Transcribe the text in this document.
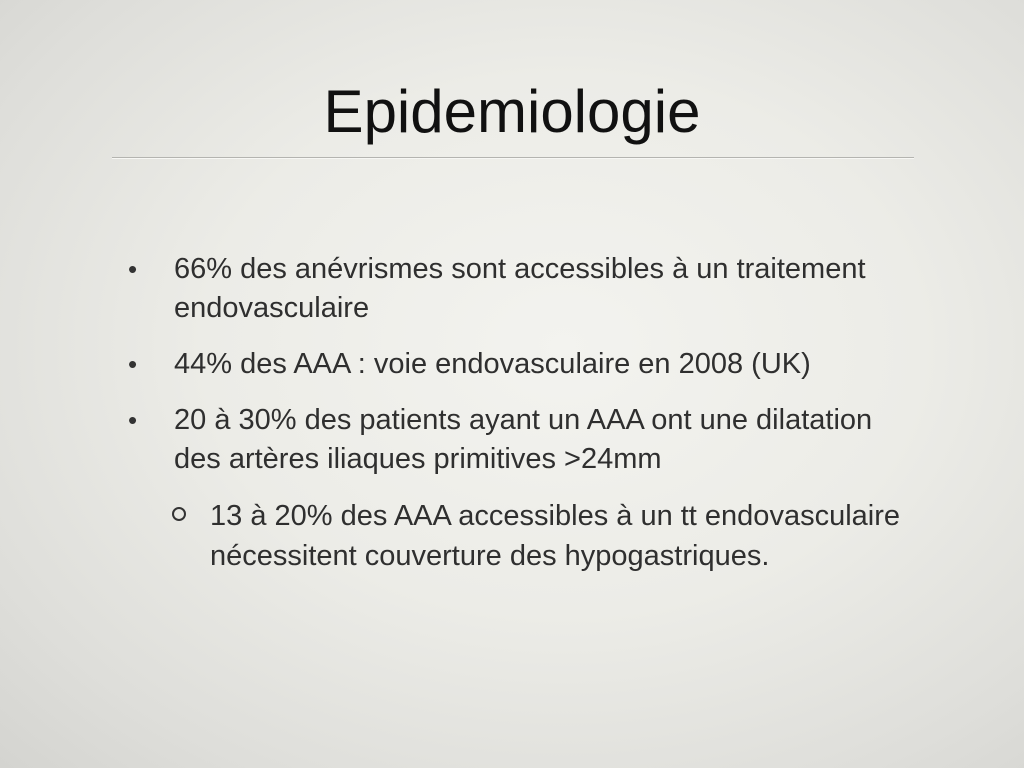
Epidemiologie
• 66% des anévrismes sont accessibles à un traitement endovasculaire
• 44% des AAA : voie endovasculaire en 2008 (UK)
• 20 à 30% des patients ayant un AAA ont une dilatation des artères iliaques primitives >24mm
13 à 20% des AAA accessibles à un tt endovasculaire nécessitent couverture des hypogastriques.
